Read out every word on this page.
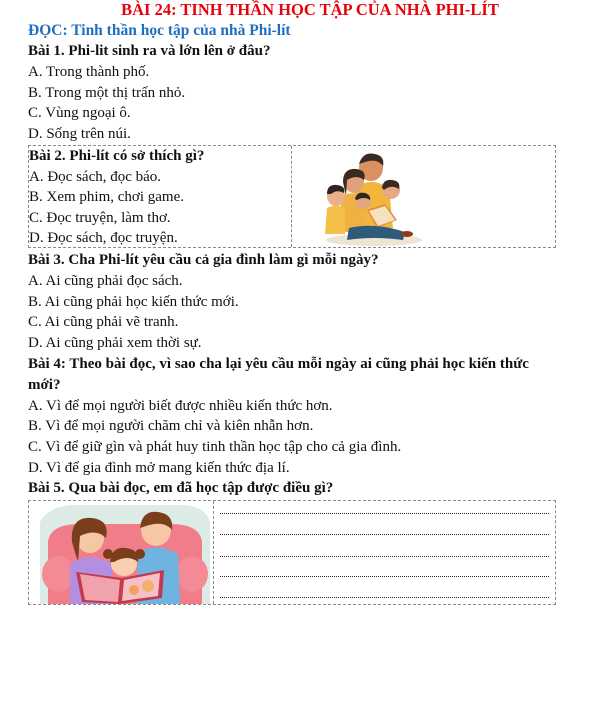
BÀI 24: TINH THẦN HỌC TẬP CỦA NHÀ PHI-LÍT
ĐỌC: Tinh thần học tập của nhà Phi-lít
Bài 1. Phi-lit sinh ra và lớn lên ở đâu?
A. Trong thành phố.
B. Trong một thị trấn nhỏ.
C. Vùng ngoại ô.
D. Sống trên núi.
Bài 2. Phi-lít có sở thích gì?
A. Đọc sách, đọc báo.
B. Xem phim, chơi game.
C. Đọc truyện, làm thơ.
D. Đọc sách, đọc truyện.
Bài 3. Cha Phi-lít yêu cầu cả gia đình làm gì mỗi ngày?
A. Ai cũng phải đọc sách.
B. Ai cũng phải học kiến thức mới.
C. Ai cũng phải vẽ tranh.
D. Ai cũng phải xem thời sự.
Bài 4: Theo bài đọc, vì sao cha lại yêu cầu mỗi ngày ai cũng phải học kiến thức
mới?
A. Vì để mọi người biết được nhiều kiến thức hơn.
B. Vì để mọi người chăm chỉ và kiên nhẫn hơn.
C. Vì để giữ gìn và phát huy tinh thần học tập cho cả gia đình.
D. Vì để gia đình mở mang kiến thức địa lí.
Bài 5. Qua bài đọc, em đã học tập được điều gì?
